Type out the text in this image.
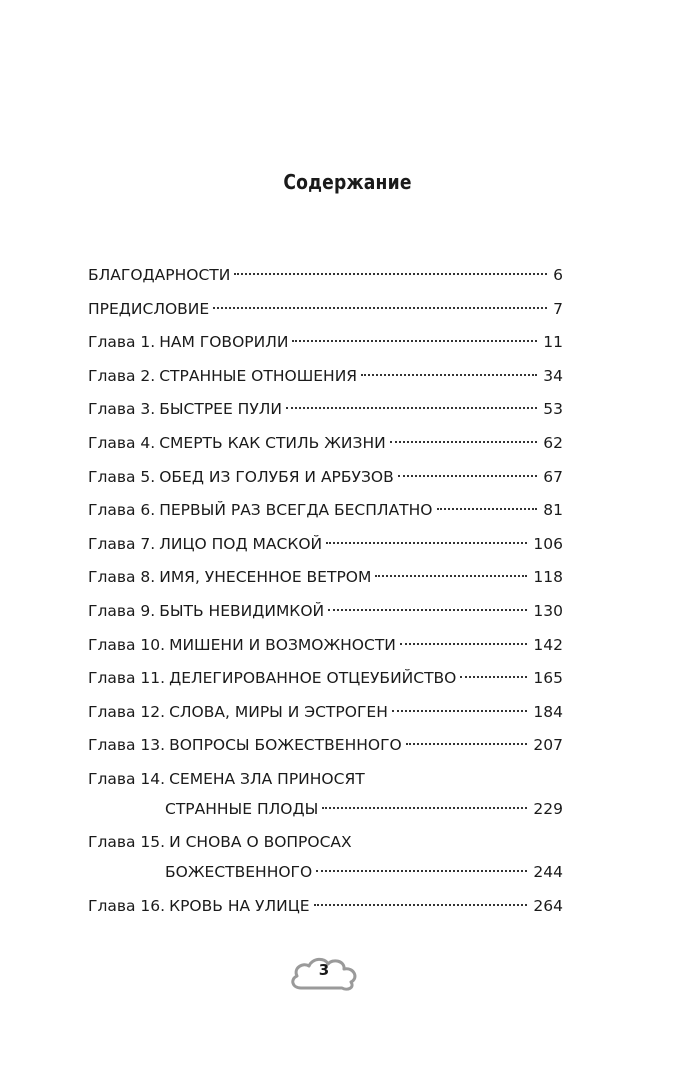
Содержание
БЛАГОДАРНОСТИ	6
ПРЕДИСЛОВИЕ	7
Глава 1. НАМ ГОВОРИЛИ	11
Глава 2. СТРАННЫЕ ОТНОШЕНИЯ	34
Глава 3. БЫСТРЕЕ ПУЛИ	53
Глава 4. СМЕРТЬ КАК СТИЛЬ ЖИЗНИ	62
Глава 5. ОБЕД ИЗ ГОЛУБЯ И АРБУЗОВ	67
Глава 6. ПЕРВЫЙ РАЗ ВСЕГДА БЕСПЛАТНО	81
Глава 7. ЛИЦО ПОД МАСКОЙ	106
Глава 8. ИМЯ, УНЕСЕННОЕ ВЕТРОМ	118
Глава 9. БЫТЬ НЕВИДИМКОЙ	130
Глава 10. МИШЕНИ И ВОЗМОЖНОСТИ	142
Глава 11. ДЕЛЕГИРОВАННОЕ ОТЦЕУБИЙСТВО	165
Глава 12. СЛОВА, МИРЫ И ЭСТРОГЕН	184
Глава 13. ВОПРОСЫ БОЖЕСТВЕННОГО	207
Глава 14. СЕМЕНА ЗЛА ПРИНОСЯТ
СТРАННЫЕ ПЛОДЫ	229
Глава 15. И СНОВА О ВОПРОСАХ
БОЖЕСТВЕННОГО	244
Глава 16. КРОВЬ НА УЛИЦЕ	264
3
